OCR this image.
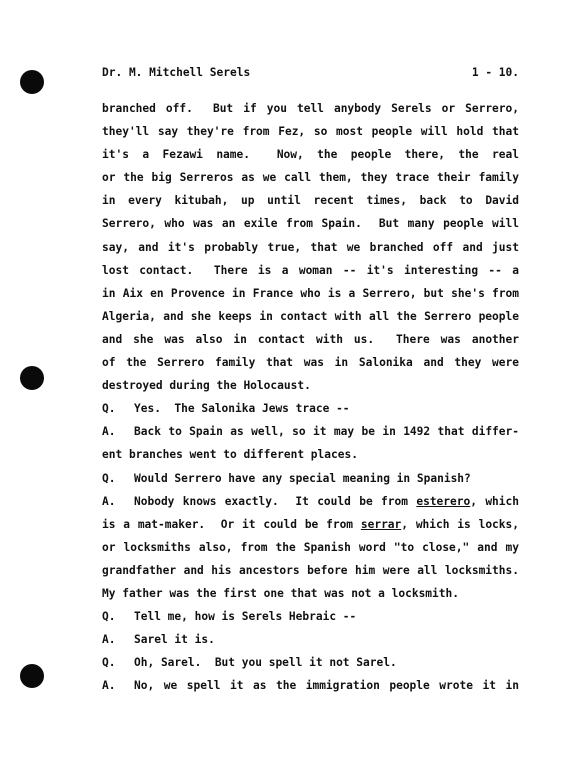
Dr. M. Mitchell Serels	1 - 10.
branched off.  But if you tell anybody Serels or Serrero,
they'll say they're from Fez, so most people will hold that
it's a Fezawi name.  Now, the people there, the real
or the big Serreros as we call them, they trace their family
in every kitubah, up until recent times, back to David
Serrero, who was an exile from Spain.  But many people will
say, and it's probably true, that we branched off and just
lost contact.  There is a woman -- it's interesting -- a
in Aix en Provence in France who is a Serrero, but she's from
Algeria, and she keeps in contact with all the Serrero people
and she was also in contact with us.  There was another
of the Serrero family that was in Salonika and they were
destroyed during the Holocaust.
Q. Yes.  The Salonika Jews trace --
A. Back to Spain as well, so it may be in 1492 that differ-
ent branches went to different places.
Q. Would Serrero have any special meaning in Spanish?
A. Nobody knows exactly.  It could be from esterero, which
is a mat-maker.  Or it could be from serrar, which is locks,
or locksmiths also, from the Spanish word "to close," and my
grandfather and his ancestors before him were all locksmiths.
My father was the first one that was not a locksmith.
Q. Tell me, how is Serels Hebraic --
A. Sarel it is.
Q. Oh, Sarel.  But you spell it not Sarel.
A. No, we spell it as the immigration people wrote it in
